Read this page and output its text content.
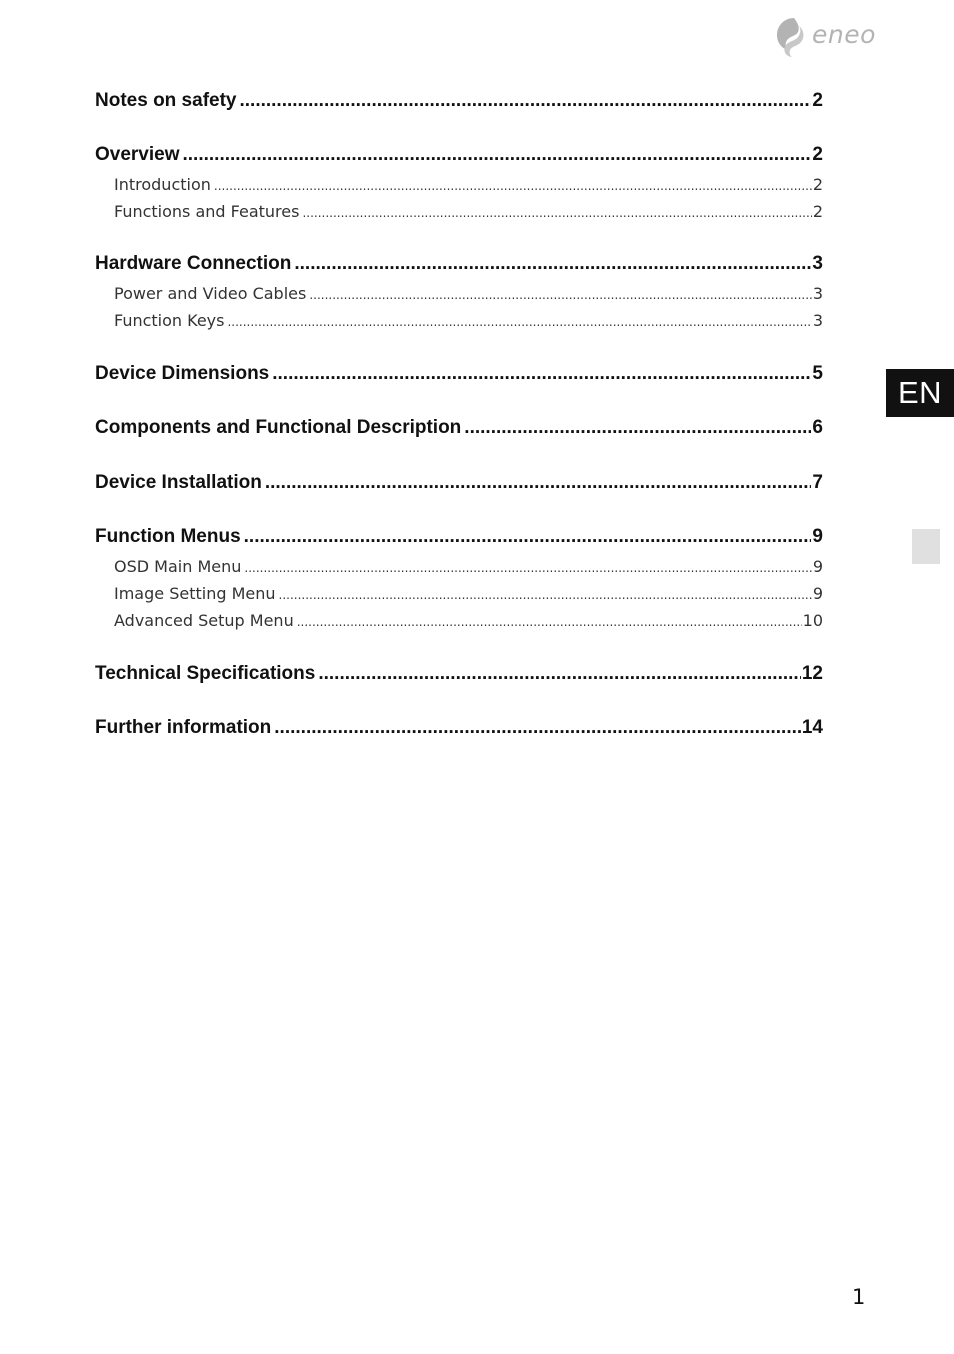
eneo
EN
Notes on safety .....	2
Overview .....	2
Introduction .....	2
Functions and Features .....	2
Hardware Connection .....	3
Power and Video Cables .....	3
Function Keys .....	3
Device Dimensions .....	5
Components and Functional Description .....	6
Device Installation .....	7
Function Menus .....	9
OSD Main Menu .....	9
Image Setting Menu .....	9
Advanced Setup Menu .....	10
Technical Specifications .....	12
Further information .....	14
1
